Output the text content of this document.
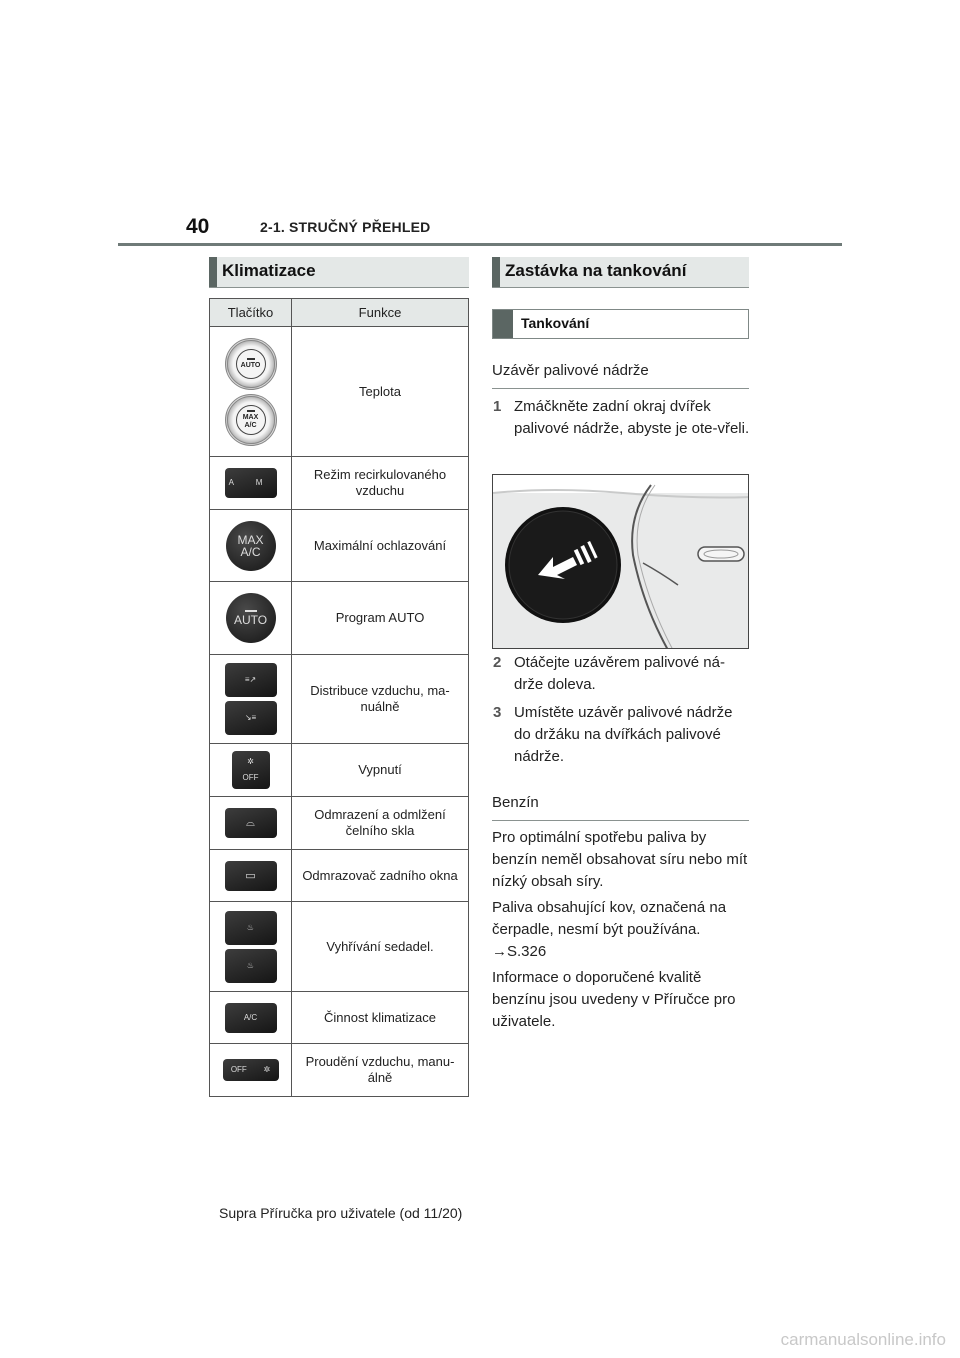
40	2-1. STRUČNÝ PŘEHLED
Klimatizace
Tlačítko	Funkce

AUTO
MAX A/C	Teplota

A M	Režim recirkulovaného vzduchu

MAX A/C	Maximální ochlazování

AUTO	Program AUTO

≡↗
↘≡	Distribuce vzduchu, ma-nuálně

✲
OFF	Vypnutí

⌓	Odmrazení a odmlžení čelního skla

▭	Odmrazovač zadního okna

♨
♨	Vyhřívání sedadel.

A/C	Činnost klimatizace

OFF ✲	Proudění vzduchu, manu-álně
Zastávka na tankování
Tankování
Uzávěr palivové nádrže
1 Zmáčkněte zadní okraj dvířek palivové nádrže, abyste je ote-vřeli.
2 Otáčejte uzávěrem palivové ná-drže doleva.
3 Umístěte uzávěr palivové nádrže do držáku na dvířkách palivové nádrže.
Benzín
Pro optimální spotřebu paliva by benzín neměl obsahovat síru nebo mít nízký obsah síry.
Paliva obsahující kov, označená na čerpadle, nesmí být používána.
→S.326
Informace o doporučené kvalitě benzínu jsou uvedeny v Příručce pro uživatele.
Supra Příručka pro uživatele (od 11/20)
carmanualsonline.info
